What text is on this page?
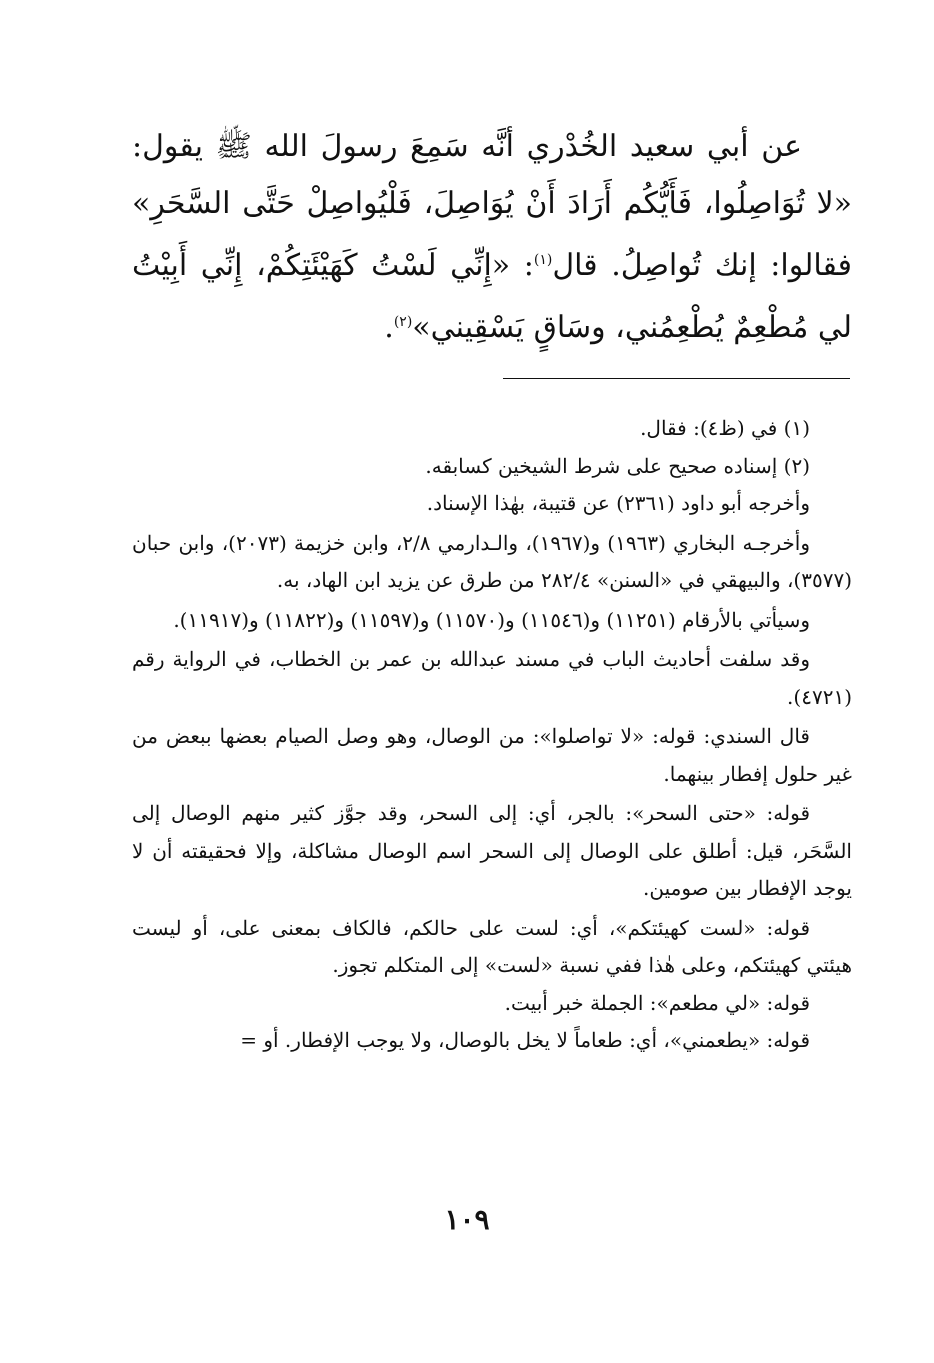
عن أبي سعيد الخُدْري أنَّه سَمِعَ رسولَ الله ﷺ يقول: «لا تُوَاصِلُوا، فَأَيُّكُم أَرَادَ أَنْ يُوَاصِلَ، فَلْيُواصِلْ حَتَّى السَّحَرِ» فقالوا: إنك تُواصِلُ. قال$^{(١)}$: «إِنِّي لَسْتُ كَهَيْئَتِكُمْ، إِنِّي أَبِيْتُ لي مُطْعِمٌ يُطْعِمُني، وسَاقٍ يَسْقِيني»$^{(٢)}$.

(١) في (ظ٤): فقال.

(٢) إسناده صحيح على شرط الشيخين كسابقه.

وأخرجه أبو داود (٢٣٦١) عن قتيبة، بهٰذا الإسناد.

وأخرجـه البخاري (١٩٦٣) و(١٩٦٧)، والـدارمي ٢/٨، وابن خزيمة (٢٠٧٣)، وابن حبان (٣٥٧٧)، والبيهقي في «السنن» ٢٨٢/٤ من طرق عن يزيد ابن الهاد، به.

وسيأتي بالأرقام (١١٢٥١) و(١١٥٤٦) و(١١٥٧٠) و(١١٥٩٧) و(١١٨٢٢) و(١١٩١٧).

وقد سلفت أحاديث الباب في مسند عبدالله بن عمر بن الخطاب، في الرواية رقم (٤٧٢١).

قال السندي: قوله: «لا تواصلوا»: من الوصال، وهو وصل الصيام بعضها ببعض من غير حلول إفطار بينهما.

قوله: «حتى السحر»: بالجر، أي: إلى السحر، وقد جوَّز كثير منهم الوصال إلى السَّحَر، قيل: أطلق على الوصال إلى السحر اسم الوصال مشاكلة، وإلا فحقيقته أن لا يوجد الإفطار بين صومين.

قوله: «لست كهيئتكم»، أي: لست على حالكم، فالكاف بمعنى على، أو ليست هيئتي كهيئتكم، وعلى هٰذا ففي نسبة «لست» إلى المتكلم تجوز.

قوله: «لي مطعم»: الجملة خبر أبيت.

قوله: «يطعمني»، أي: طعاماً لا يخل بالوصال، ولا يوجب الإفطار. أو =

١٠٩
